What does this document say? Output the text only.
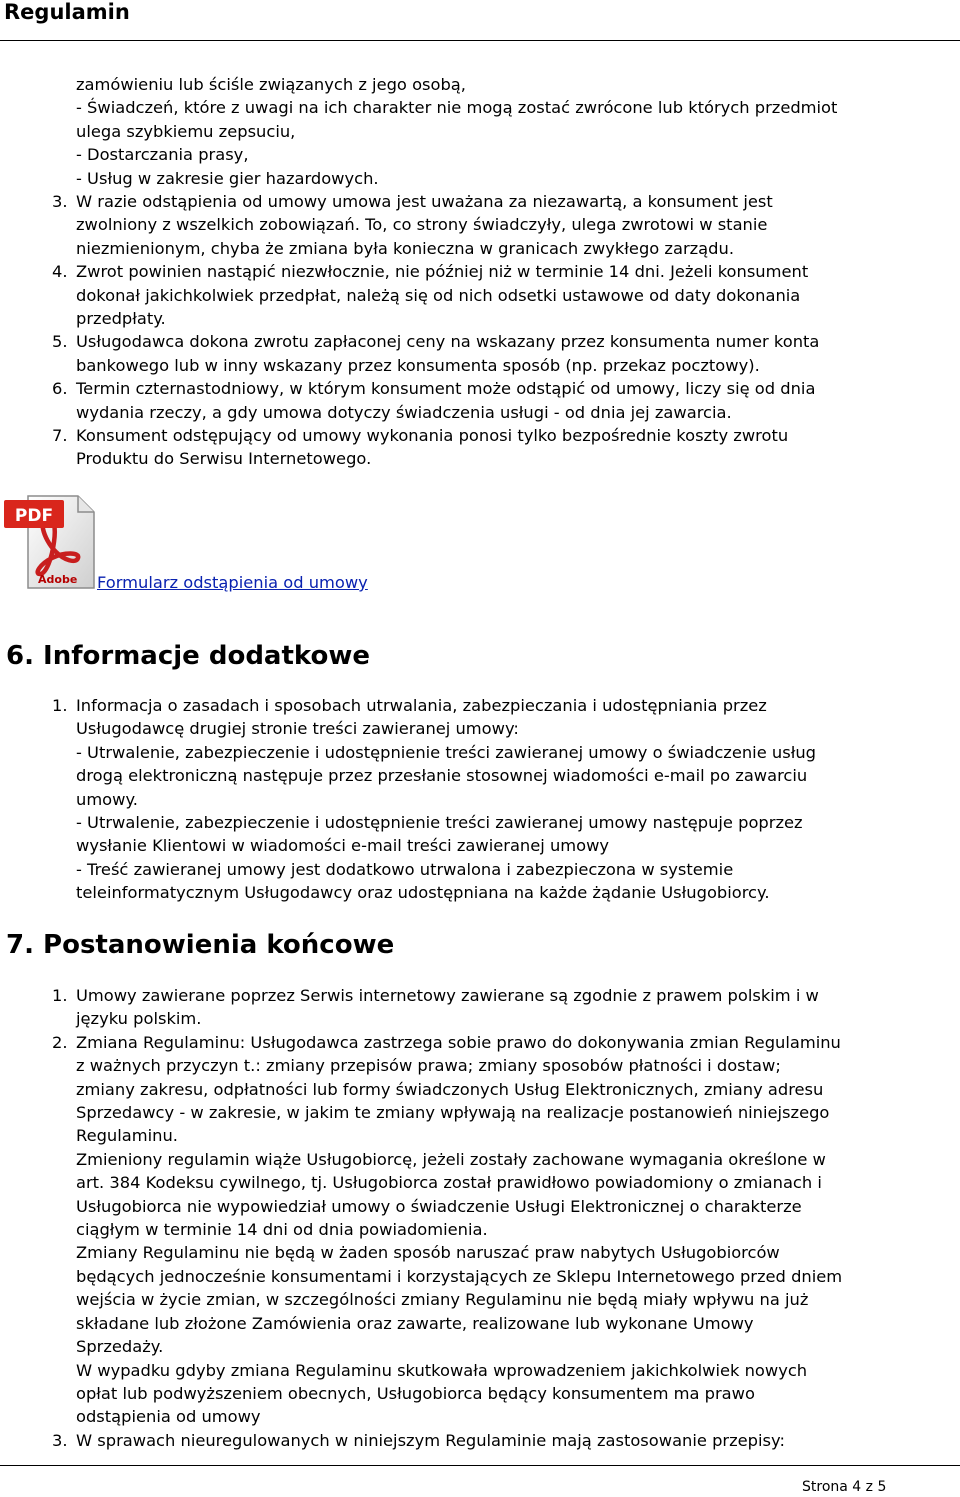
Regulamin

zamówieniu lub ściśle związanych z jego osobą,

- Świadczeń, które z uwagi na ich charakter nie mogą zostać zwrócone lub których przedmiot

ulega szybkiemu zepsuciu,

- Dostarczania prasy,

- Usług w zakresie gier hazardowych.

3. W razie odstąpienia od umowy umowa jest uważana za niezawartą, a konsument jest
zwolniony z wszelkich zobowiązań. To, co strony świadczyły, ulega zwrotowi w stanie
niezmienionym, chyba że zmiana była konieczna w granicach zwykłego zarządu.
4. Zwrot powinien nastąpić niezwłocznie, nie później niż w terminie 14 dni. Jeżeli konsument
dokonał jakichkolwiek przedpłat, należą się od nich odsetki ustawowe od daty dokonania
przedpłaty.
5. Usługodawca dokona zwrotu zapłaconej ceny na wskazany przez konsumenta numer konta
bankowego lub w inny wskazany przez konsumenta sposób (np. przekaz pocztowy).
6. Termin czternastodniowy, w którym konsument może odstąpić od umowy, liczy się od dnia
wydania rzeczy, a gdy umowa dotyczy świadczenia usługi - od dnia jej zawarcia.
7. Konsument odstępujący od umowy wykonania ponosi tylko bezpośrednie koszty zwrotu
Produktu do Serwisu Internetowego.
PDF
Adobe Formularz odstąpienia od umowy
6. Informacje dodatkowe
1. Informacja o zasadach i sposobach utrwalania, zabezpieczania i udostępniania przez
Usługodawcę drugiej stronie treści zawieranej umowy:
- Utrwalenie, zabezpieczenie i udostępnienie treści zawieranej umowy o świadczenie usług
drogą elektroniczną następuje przez przesłanie stosownej wiadomości e-mail po zawarciu
umowy.
- Utrwalenie, zabezpieczenie i udostępnienie treści zawieranej umowy następuje poprzez
wysłanie Klientowi w wiadomości e-mail treści zawieranej umowy
- Treść zawieranej umowy jest dodatkowo utrwalona i zabezpieczona w systemie
teleinformatycznym Usługodawcy oraz udostępniana na każde żądanie Usługobiorcy.
7. Postanowienia końcowe
1. Umowy zawierane poprzez Serwis internetowy zawierane są zgodnie z prawem polskim i w
języku polskim.
2. Zmiana Regulaminu: Usługodawca zastrzega sobie prawo do dokonywania zmian Regulaminu
z ważnych przyczyn t.: zmiany przepisów prawa; zmiany sposobów płatności i dostaw;
zmiany zakresu, odpłatności lub formy świadczonych Usług Elektronicznych, zmiany adresu
Sprzedawcy - w zakresie, w jakim te zmiany wpływają na realizacje postanowień niniejszego
Regulaminu.
Zmieniony regulamin wiąże Usługobiorcę, jeżeli zostały zachowane wymagania określone w
art. 384 Kodeksu cywilnego, tj. Usługobiorca został prawidłowo powiadomiony o zmianach i
Usługobiorca nie wypowiedział umowy o świadczenie Usługi Elektronicznej o charakterze
ciągłym w terminie 14 dni od dnia powiadomienia.
Zmiany Regulaminu nie będą w żaden sposób naruszać praw nabytych Usługobiorców
będących jednocześnie konsumentami i korzystających ze Sklepu Internetowego przed dniem
wejścia w życie zmian, w szczególności zmiany Regulaminu nie będą miały wpływu na już
składane lub złożone Zamówienia oraz zawarte, realizowane lub wykonane Umowy
Sprzedaży.
W wypadku gdyby zmiana Regulaminu skutkowała wprowadzeniem jakichkolwiek nowych
opłat lub podwyższeniem obecnych, Usługobiorca będący konsumentem ma prawo
odstąpienia od umowy
3. W sprawach nieuregulowanych w niniejszym Regulaminie mają zastosowanie przepisy:
Strona 4 z 5
